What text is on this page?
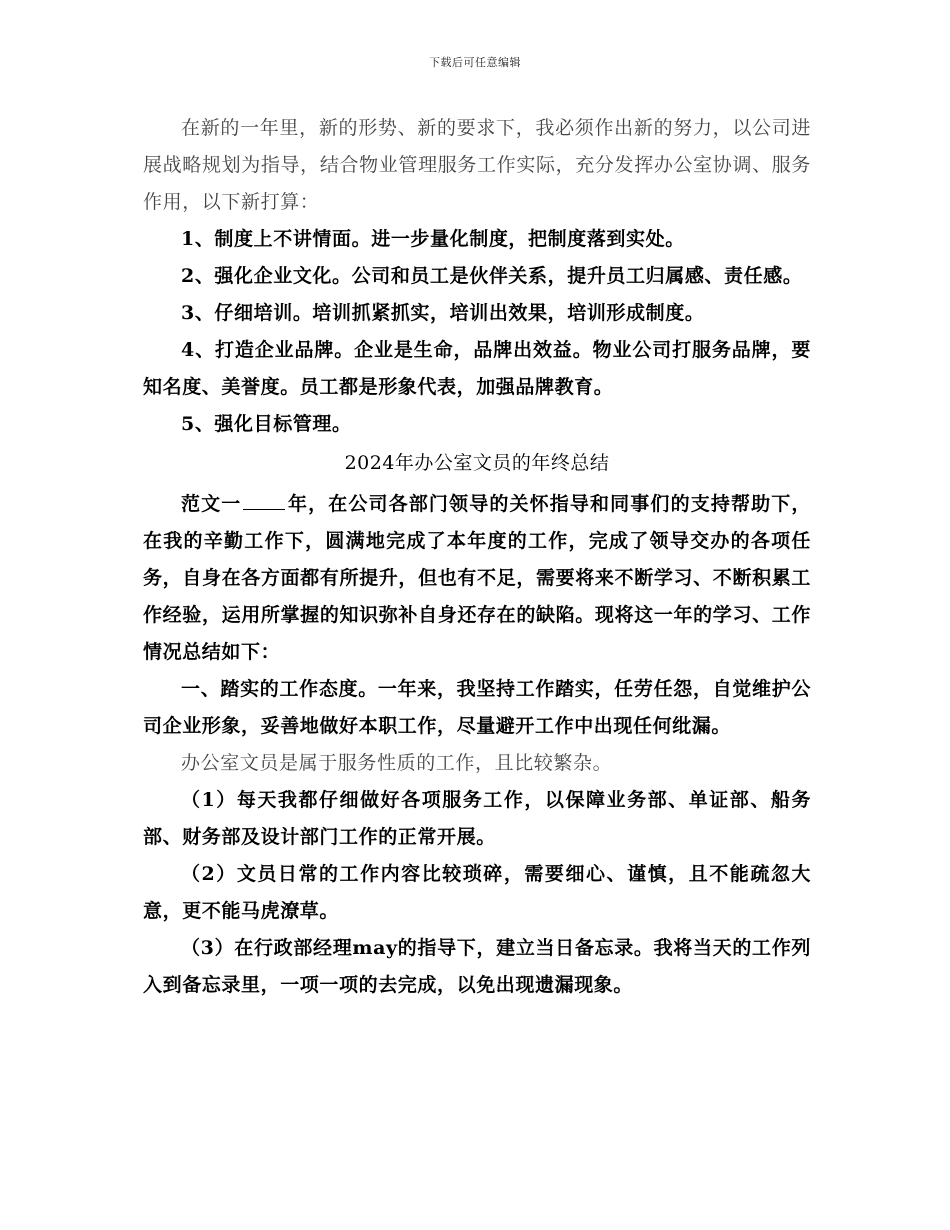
下载后可任意编辑

在新的一年里，新的形势、新的要求下，我必须作出新的努力，以公司进展战略规划为指导，结合物业管理服务工作实际，充分发挥办公室协调、服务作用，以下新打算：

1、制度上不讲情面。进一步量化制度，把制度落到实处。

2、强化企业文化。公司和员工是伙伴关系，提升员工归属感、责任感。

3、仔细培训。培训抓紧抓实，培训出效果，培训形成制度。

4、打造企业品牌。企业是生命，品牌出效益。物业公司打服务品牌，要知名度、美誉度。员工都是形象代表，加强品牌教育。

5、强化目标管理。

2024年办公室文员的年终总结

范文一 年，在公司各部门领导的关怀指导和同事们的支持帮助下，在我的辛勤工作下，圆满地完成了本年度的工作，完成了领导交办的各项任务，自身在各方面都有所提升，但也有不足，需要将来不断学习、不断积累工作经验，运用所掌握的知识弥补自身还存在的缺陷。现将这一年的学习、工作情况总结如下：

一、踏实的工作态度。一年来，我坚持工作踏实，任劳任怨，自觉维护公司企业形象，妥善地做好本职工作，尽量避开工作中出现任何纰漏。

办公室文员是属于服务性质的工作，且比较繁杂。

（1）每天我都仔细做好各项服务工作，以保障业务部、单证部、船务部、财务部及设计部门工作的正常开展。

（2）文员日常的工作内容比较琐碎，需要细心、谨慎，且不能疏忽大意，更不能马虎潦草。

（3）在行政部经理may的指导下，建立当日备忘录。我将当天的工作列入到备忘录里，一项一项的去完成，以免出现遗漏现象。
